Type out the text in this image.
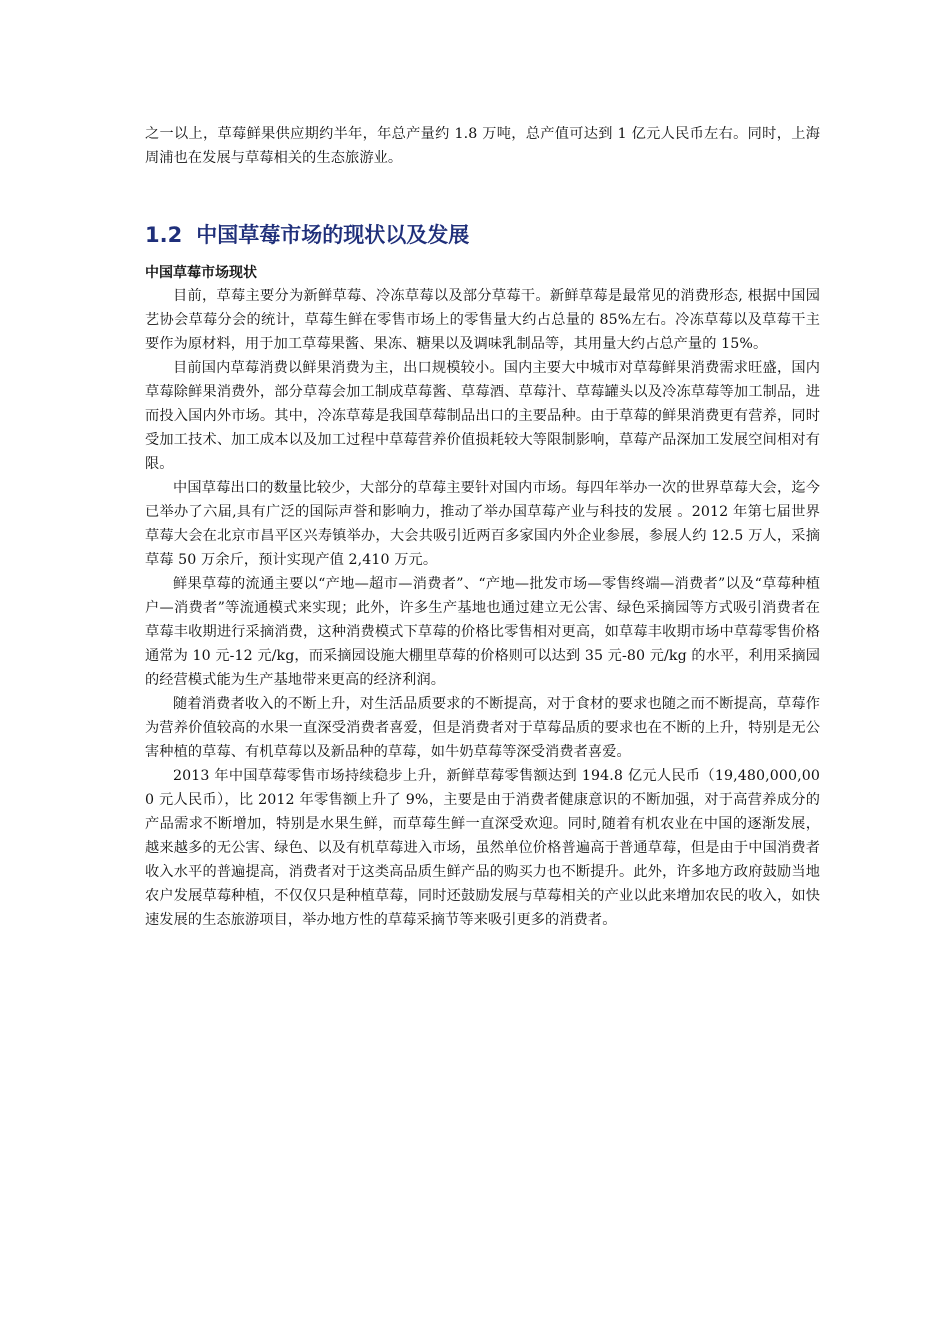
之一以上，草莓鲜果供应期约半年，年总产量约 1.8 万吨，总产值可达到 1 亿元人民币左右。同时，上海周浦也在发展与草莓相关的生态旅游业。

1.2 中国草莓市场的现状以及发展
中国草莓市场现状

目前，草莓主要分为新鲜草莓、冷冻草莓以及部分草莓干。新鲜草莓是最常见的消费形态, 根据中国园艺协会草莓分会的统计，草莓生鲜在零售市场上的零售量大约占总量的 85%左右。冷冻草莓以及草莓干主要作为原材料，用于加工草莓果酱、果冻、糖果以及调味乳制品等，其用量大约占总产量的 15%。

目前国内草莓消费以鲜果消费为主，出口规模较小。国内主要大中城市对草莓鲜果消费需求旺盛，国内草莓除鲜果消费外，部分草莓会加工制成草莓酱、草莓酒、草莓汁、草莓罐头以及冷冻草莓等加工制品，进而投入国内外市场。其中，冷冻草莓是我国草莓制品出口的主要品种。由于草莓的鲜果消费更有营养，同时受加工技术、加工成本以及加工过程中草莓营养价值损耗较大等限制影响，草莓产品深加工发展空间相对有限。

中国草莓出口的数量比较少，大部分的草莓主要针对国内市场。每四年举办一次的世界草莓大会，迄今已举办了六届,具有广泛的国际声誉和影响力，推动了举办国草莓产业与科技的发展 。2012 年第七届世界草莓大会在北京市昌平区兴寿镇举办，大会共吸引近两百多家国内外企业参展，参展人约 12.5 万人，采摘草莓 50 万余斤，预计实现产值 2,410 万元。

鲜果草莓的流通主要以“产地—超市—消费者”、“产地—批发市场—零售终端—消费者”以及“草莓种植户—消费者”等流通模式来实现；此外，许多生产基地也通过建立无公害、绿色采摘园等方式吸引消费者在草莓丰收期进行采摘消费，这种消费模式下草莓的价格比零售相对更高，如草莓丰收期市场中草莓零售价格通常为 10 元-12 元/kg，而采摘园设施大棚里草莓的价格则可以达到 35 元-80 元/kg 的水平，利用采摘园的经营模式能为生产基地带来更高的经济利润。

随着消费者收入的不断上升，对生活品质要求的不断提高，对于食材的要求也随之而不断提高，草莓作为营养价值较高的水果一直深受消费者喜爱，但是消费者对于草莓品质的要求也在不断的上升，特别是无公害种植的草莓、有机草莓以及新品种的草莓，如牛奶草莓等深受消费者喜爱。

2013 年中国草莓零售市场持续稳步上升，新鲜草莓零售额达到 194.8 亿元人民币（19,480,000,000 元人民币），比 2012 年零售额上升了 9%，主要是由于消费者健康意识的不断加强，对于高营养成分的产品需求不断增加，特别是水果生鲜，而草莓生鲜一直深受欢迎。同时,随着有机农业在中国的逐渐发展，越来越多的无公害、绿色、以及有机草莓进入市场，虽然单位价格普遍高于普通草莓，但是由于中国消费者收入水平的普遍提高，消费者对于这类高品质生鲜产品的购买力也不断提升。此外，许多地方政府鼓励当地农户发展草莓种植，不仅仅只是种植草莓，同时还鼓励发展与草莓相关的产业以此来增加农民的收入，如快速发展的生态旅游项目，举办地方性的草莓采摘节等来吸引更多的消费者。
